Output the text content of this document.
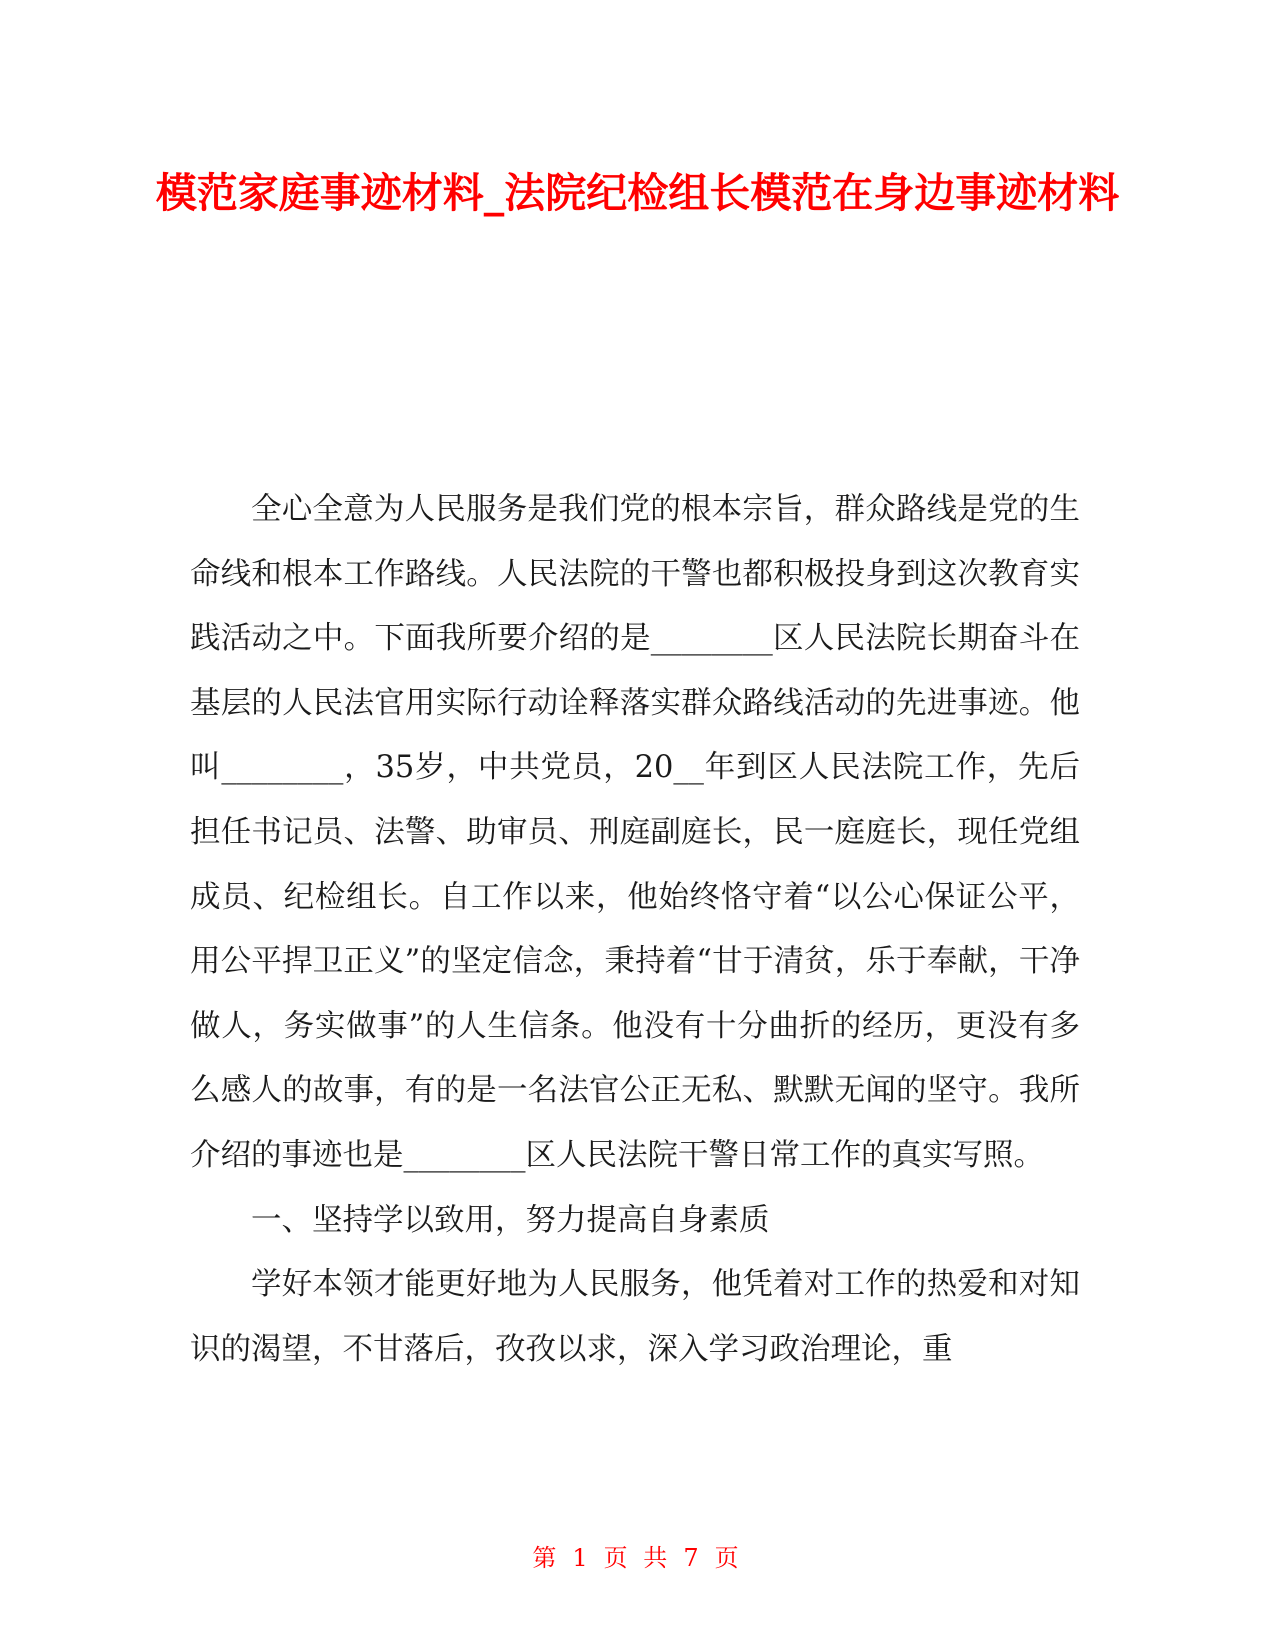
模范家庭事迹材料_法院纪检组长模范在身边事迹材料

全心全意为人民服务是我们党的根本宗旨，群众路线是党的生命线和根本工作路线。人民法院的干警也都积极投身到这次教育实践活动之中。下面我所要介绍的是________区人民法院长期奋斗在基层的人民法官用实际行动诠释落实群众路线活动的先进事迹。他叫________，35岁，中共党员，20__年到区人民法院工作，先后担任书记员、法警、助审员、刑庭副庭长，民一庭庭长，现任党组成员、纪检组长。自工作以来，他始终恪守着“以公心保证公平，用公平捍卫正义”的坚定信念，秉持着“甘于清贫，乐于奉献，干净做人，务实做事”的人生信条。他没有十分曲折的经历，更没有多么感人的故事，有的是一名法官公正无私、默默无闻的坚守。我所介绍的事迹也是________区人民法院干警日常工作的真实写照。

一、坚持学以致用，努力提高自身素质

学好本领才能更好地为人民服务，他凭着对工作的热爱和对知识的渴望，不甘落后，孜孜以求，深入学习政治理论，重

第 1 页 共 7 页
